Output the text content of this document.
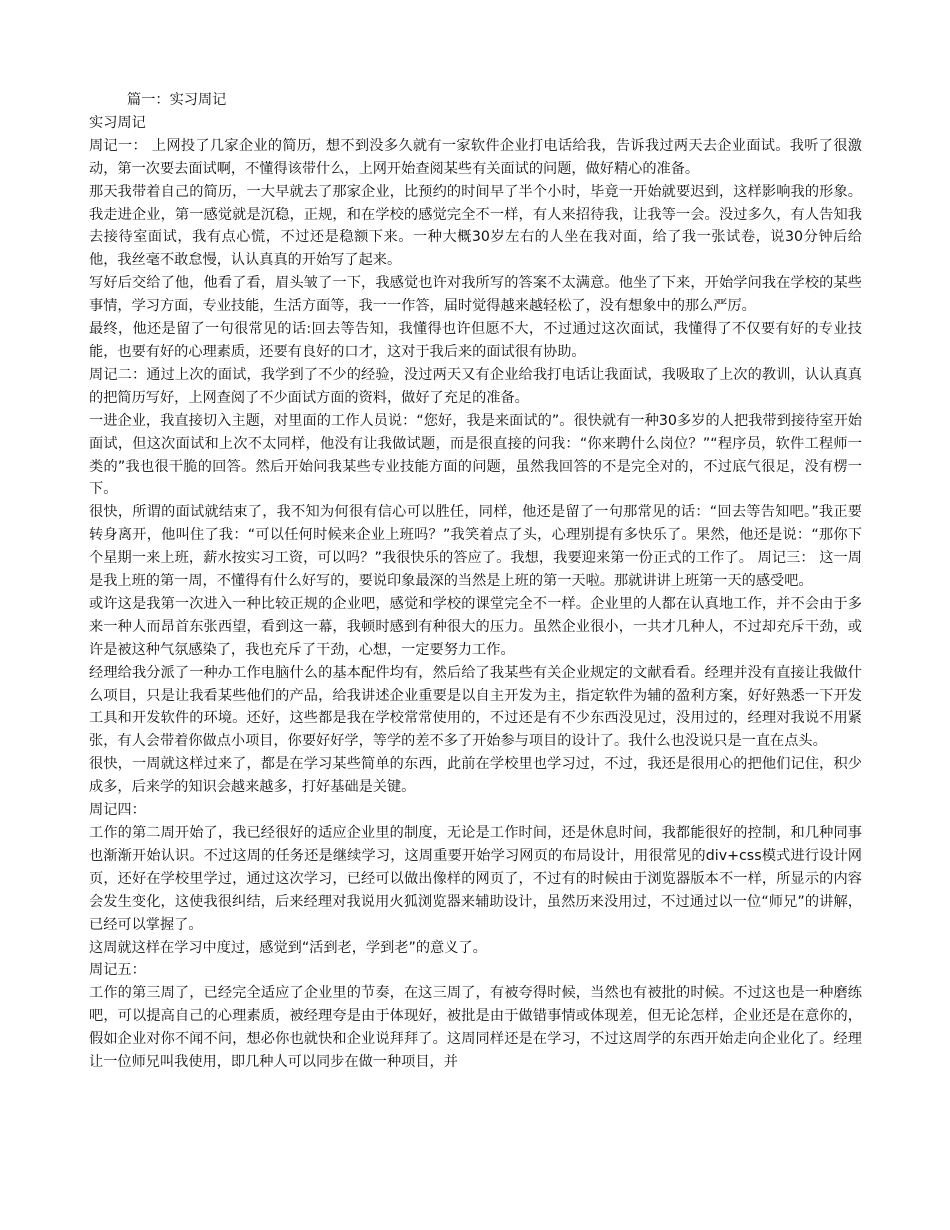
篇一：实习周记

实习周记

周记一： 上网投了几家企业的简历，想不到没多久就有一家软件企业打电话给我，告诉我过两天去企业面试。我听了很激动，第一次要去面试啊，不懂得该带什么，上网开始查阅某些有关面试的问题，做好精心的准备。

那天我带着自己的简历，一大早就去了那家企业，比预约的时间早了半个小时，毕竟一开始就要迟到，这样影响我的形象。我走进企业，第一感觉就是沉稳，正规，和在学校的感觉完全不一样，有人来招待我，让我等一会。没过多久，有人告知我去接待室面试，我有点心慌，不过还是稳额下来。一种大概30岁左右的人坐在我对面，给了我一张试卷，说30分钟后给他，我丝毫不敢怠慢，认认真真的开始写了起来。

写好后交给了他，他看了看，眉头皱了一下，我感觉也许对我所写的答案不太满意。他坐了下来，开始学问我在学校的某些事情，学习方面，专业技能，生活方面等，我一一作答，届时觉得越来越轻松了，没有想象中的那么严厉。

最终，他还是留了一句很常见的话:回去等告知，我懂得也许但愿不大，不过通过这次面试，我懂得了不仅要有好的专业技能，也要有好的心理素质，还要有良好的口才，这对于我后来的面试很有协助。

周记二：通过上次的面试，我学到了不少的经验，没过两天又有企业给我打电话让我面试，我吸取了上次的教训，认认真真的把简历写好，上网查阅了不少面试方面的资料，做好了充足的准备。

一进企业，我直接切入主题，对里面的工作人员说：“您好，我是来面试的”。很快就有一种30多岁的人把我带到接待室开始面试，但这次面试和上次不太同样，他没有让我做试题，而是很直接的问我：“你来聘什么岗位？”“程序员，软件工程师一类的”我也很干脆的回答。然后开始问我某些专业技能方面的问题，虽然我回答的不是完全对的，不过底气很足，没有楞一下。

很快，所谓的面试就结束了，我不知为何很有信心可以胜任，同样，他还是留了一句那常见的话：“回去等告知吧。”我正要转身离开，他叫住了我：“可以任何时候来企业上班吗？”我笑着点了头，心理别提有多快乐了。果然，他还是说：“那你下个星期一来上班，薪水按实习工资，可以吗？”我很快乐的答应了。我想，我要迎来第一份正式的工作了。 周记三： 这一周是我上班的第一周，不懂得有什么好写的，要说印象最深的当然是上班的第一天啦。那就讲讲上班第一天的感受吧。

或许这是我第一次进入一种比较正规的企业吧，感觉和学校的课堂完全不一样。企业里的人都在认真地工作，并不会由于多来一种人而昂首东张西望，看到这一幕，我顿时感到有种很大的压力。虽然企业很小，一共才几种人，不过却充斥干劲，或许是被这种气氛感染了，我也充斥了干劲，心想，一定要努力工作。

经理给我分派了一种办工作电脑什么的基本配件均有，然后给了我某些有关企业规定的文献看看。经理并没有直接让我做什么项目，只是让我看某些他们的产品，给我讲述企业重要是以自主开发为主，指定软件为辅的盈利方案，好好熟悉一下开发工具和开发软件的环境。还好，这些都是我在学校常常使用的，不过还是有不少东西没见过，没用过的，经理对我说不用紧张，有人会带着你做点小项目，你要好好学，等学的差不多了开始参与项目的设计了。我什么也没说只是一直在点头。

很快，一周就这样过来了，都是在学习某些简单的东西，此前在学校里也学习过，不过，我还是很用心的把他们记住，积少成多，后来学的知识会越来越多，打好基础是关键。

周记四：

工作的第二周开始了，我已经很好的适应企业里的制度，无论是工作时间，还是休息时间，我都能很好的控制，和几种同事也渐渐开始认识。不过这周的任务还是继续学习，这周重要开始学习网页的布局设计，用很常见的div+css模式进行设计网页，还好在学校里学过，通过这次学习，已经可以做出像样的网页了，不过有的时候由于浏览器版本不一样，所显示的内容会发生变化，这使我很纠结，后来经理对我说用火狐浏览器来辅助设计，虽然历来没用过，不过通过以一位“师兄”的讲解，已经可以掌握了。

这周就这样在学习中度过，感觉到“活到老，学到老”的意义了。

周记五：

工作的第三周了，已经完全适应了企业里的节奏，在这三周了，有被夸得时候，当然也有被批的时候。不过这也是一种磨练吧，可以提高自己的心理素质，被经理夸是由于体现好，被批是由于做错事情或体现差，但无论怎样，企业还是在意你的，假如企业对你不闻不问，想必你也就快和企业说拜拜了。这周同样还是在学习，不过这周学的东西开始走向企业化了。经理让一位师兄叫我使用，即几种人可以同步在做一种项目，并
